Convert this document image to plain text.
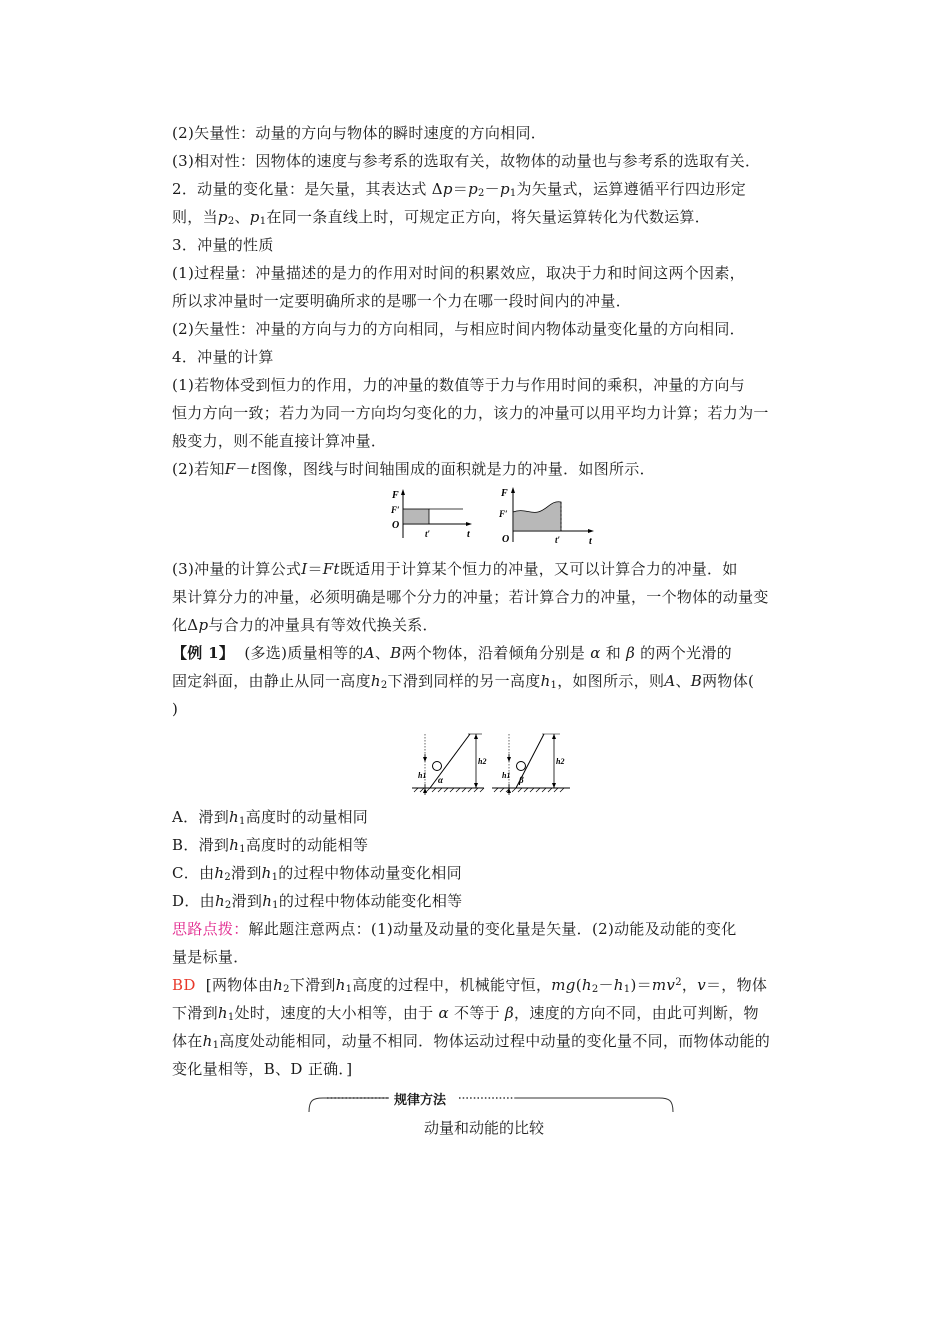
(2)矢量性：动量的方向与物体的瞬时速度的方向相同．

(3)相对性：因物体的速度与参考系的选取有关，故物体的动量也与参考系的选取有关．

2．动量的变化量：是矢量，其表达式 $\Delta p=p_2-p_1$为矢量式，运算遵循平行四边形定

则，当$p_2$、$p_1$在同一条直线上时，可规定正方向，将矢量运算转化为代数运算．

3．冲量的性质

(1)过程量：冲量描述的是力的作用对时间的积累效应，取决于力和时间这两个因素，

所以求冲量时一定要明确所求的是哪一个力在哪一段时间内的冲量．

(2)矢量性：冲量的方向与力的方向相同，与相应时间内物体动量变化量的方向相同．

4．冲量的计算

(1)若物体受到恒力的作用，力的冲量的数值等于力与作用时间的乘积，冲量的方向与

恒力方向一致；若力为同一方向均匀变化的力，该力的冲量可以用平均力计算；若力为一

般变力，则不能直接计算冲量．

(2)若知F－t图像，图线与时间轴围成的面积就是力的冲量．如图所示．

F
F′
O
t′	t
F
F′
O	t′	t

(3)冲量的计算公式I＝Ft既适用于计算某个恒力的冲量，又可以计算合力的冲量．如

果计算分力的冲量，必须明确是哪个分力的冲量；若计算合力的冲量，一个物体的动量变

化Δp与合力的冲量具有等效代换关系．

【例 1】 (多选)质量相等的A、B两个物体，沿着倾角分别是 α 和 β 的两个光滑的

固定斜面，由静止从同一高度$h_2$下滑到同样的另一高度$h_1$，如图所示，则A、B两物体(

)

h1
h2
α	h1
h2
β

A．滑到$h_1$高度时的动量相同

B．滑到$h_1$高度时的动能相等

C．由$h_2$滑到$h_1$的过程中物体动量变化相同

D．由$h_2$滑到$h_1$的过程中物体动能变化相等

思路点拨：解此题注意两点：(1)动量及动量的变化量是矢量．(2)动能及动能的变化

量是标量．

BD [两物体由$h_2$下滑到$h_1$高度的过程中，机械能守恒，$mg(h_2-h_1)=mv^2$，v＝，物体

下滑到$h_1$处时，速度的大小相等，由于 α 不等于 β，速度的方向不同，由此可判断，物

体在$h_1$高度处动能相同，动量不相同．物体运动过程中动量的变化量不同，而物体动能的

变化量相等，B、D 正确．]

规律方法
动量和动能的比较
